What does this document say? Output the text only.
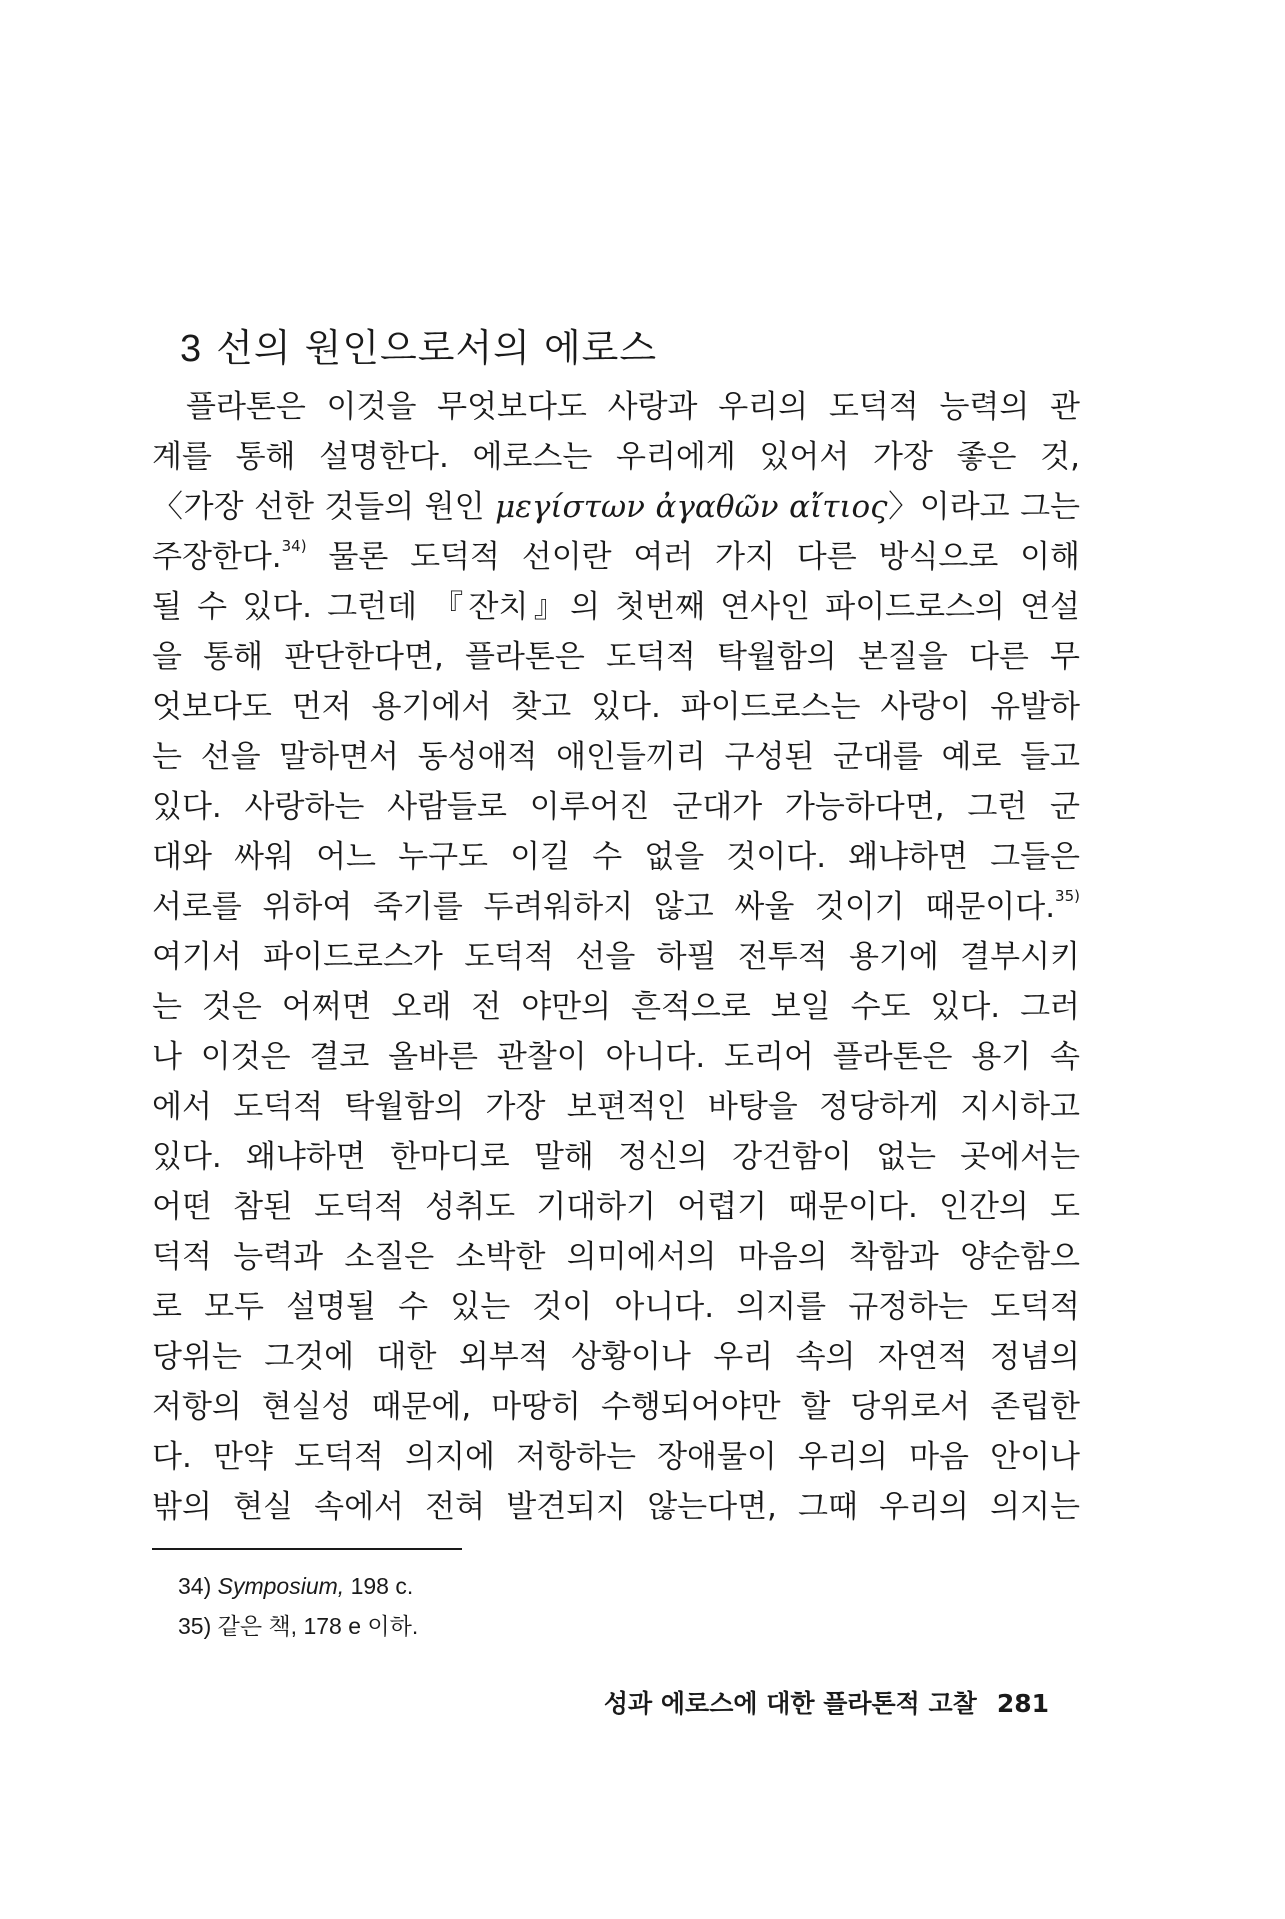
3 선의 원인으로서의 에로스
플라톤은 이것을 무엇보다도 사랑과 우리의 도덕적 능력의 관
계를 통해 설명한다. 에로스는 우리에게 있어서 가장 좋은 것,
〈가장 선한 것들의 원인 μεγίστων ἀγαθῶν αἴτιος〉이라고 그는
주장한다.$^{34)}$ 물론 도덕적 선이란 여러 가지 다른 방식으로 이해
될 수 있다. 그런데 『잔치』의 첫번째 연사인 파이드로스의 연설
을 통해 판단한다면, 플라톤은 도덕적 탁월함의 본질을 다른 무
엇보다도 먼저 용기에서 찾고 있다. 파이드로스는 사랑이 유발하
는 선을 말하면서 동성애적 애인들끼리 구성된 군대를 예로 들고
있다. 사랑하는 사람들로 이루어진 군대가 가능하다면, 그런 군
대와 싸워 어느 누구도 이길 수 없을 것이다. 왜냐하면 그들은
서로를 위하여 죽기를 두려워하지 않고 싸울 것이기 때문이다.$^{35)}$
여기서 파이드로스가 도덕적 선을 하필 전투적 용기에 결부시키
는 것은 어쩌면 오래 전 야만의 흔적으로 보일 수도 있다. 그러
나 이것은 결코 올바른 관찰이 아니다. 도리어 플라톤은 용기 속
에서 도덕적 탁월함의 가장 보편적인 바탕을 정당하게 지시하고
있다. 왜냐하면 한마디로 말해 정신의 강건함이 없는 곳에서는
어떤 참된 도덕적 성취도 기대하기 어렵기 때문이다. 인간의 도
덕적 능력과 소질은 소박한 의미에서의 마음의 착함과 양순함으
로 모두 설명될 수 있는 것이 아니다. 의지를 규정하는 도덕적
당위는 그것에 대한 외부적 상황이나 우리 속의 자연적 정념의
저항의 현실성 때문에, 마땅히 수행되어야만 할 당위로서 존립한
다. 만약 도덕적 의지에 저항하는 장애물이 우리의 마음 안이나
밖의 현실 속에서 전혀 발견되지 않는다면, 그때 우리의 의지는
34) Symposium, 198 c.
35) 같은 책, 178 e 이하.
성과 에로스에 대한 플라톤적 고찰 281
